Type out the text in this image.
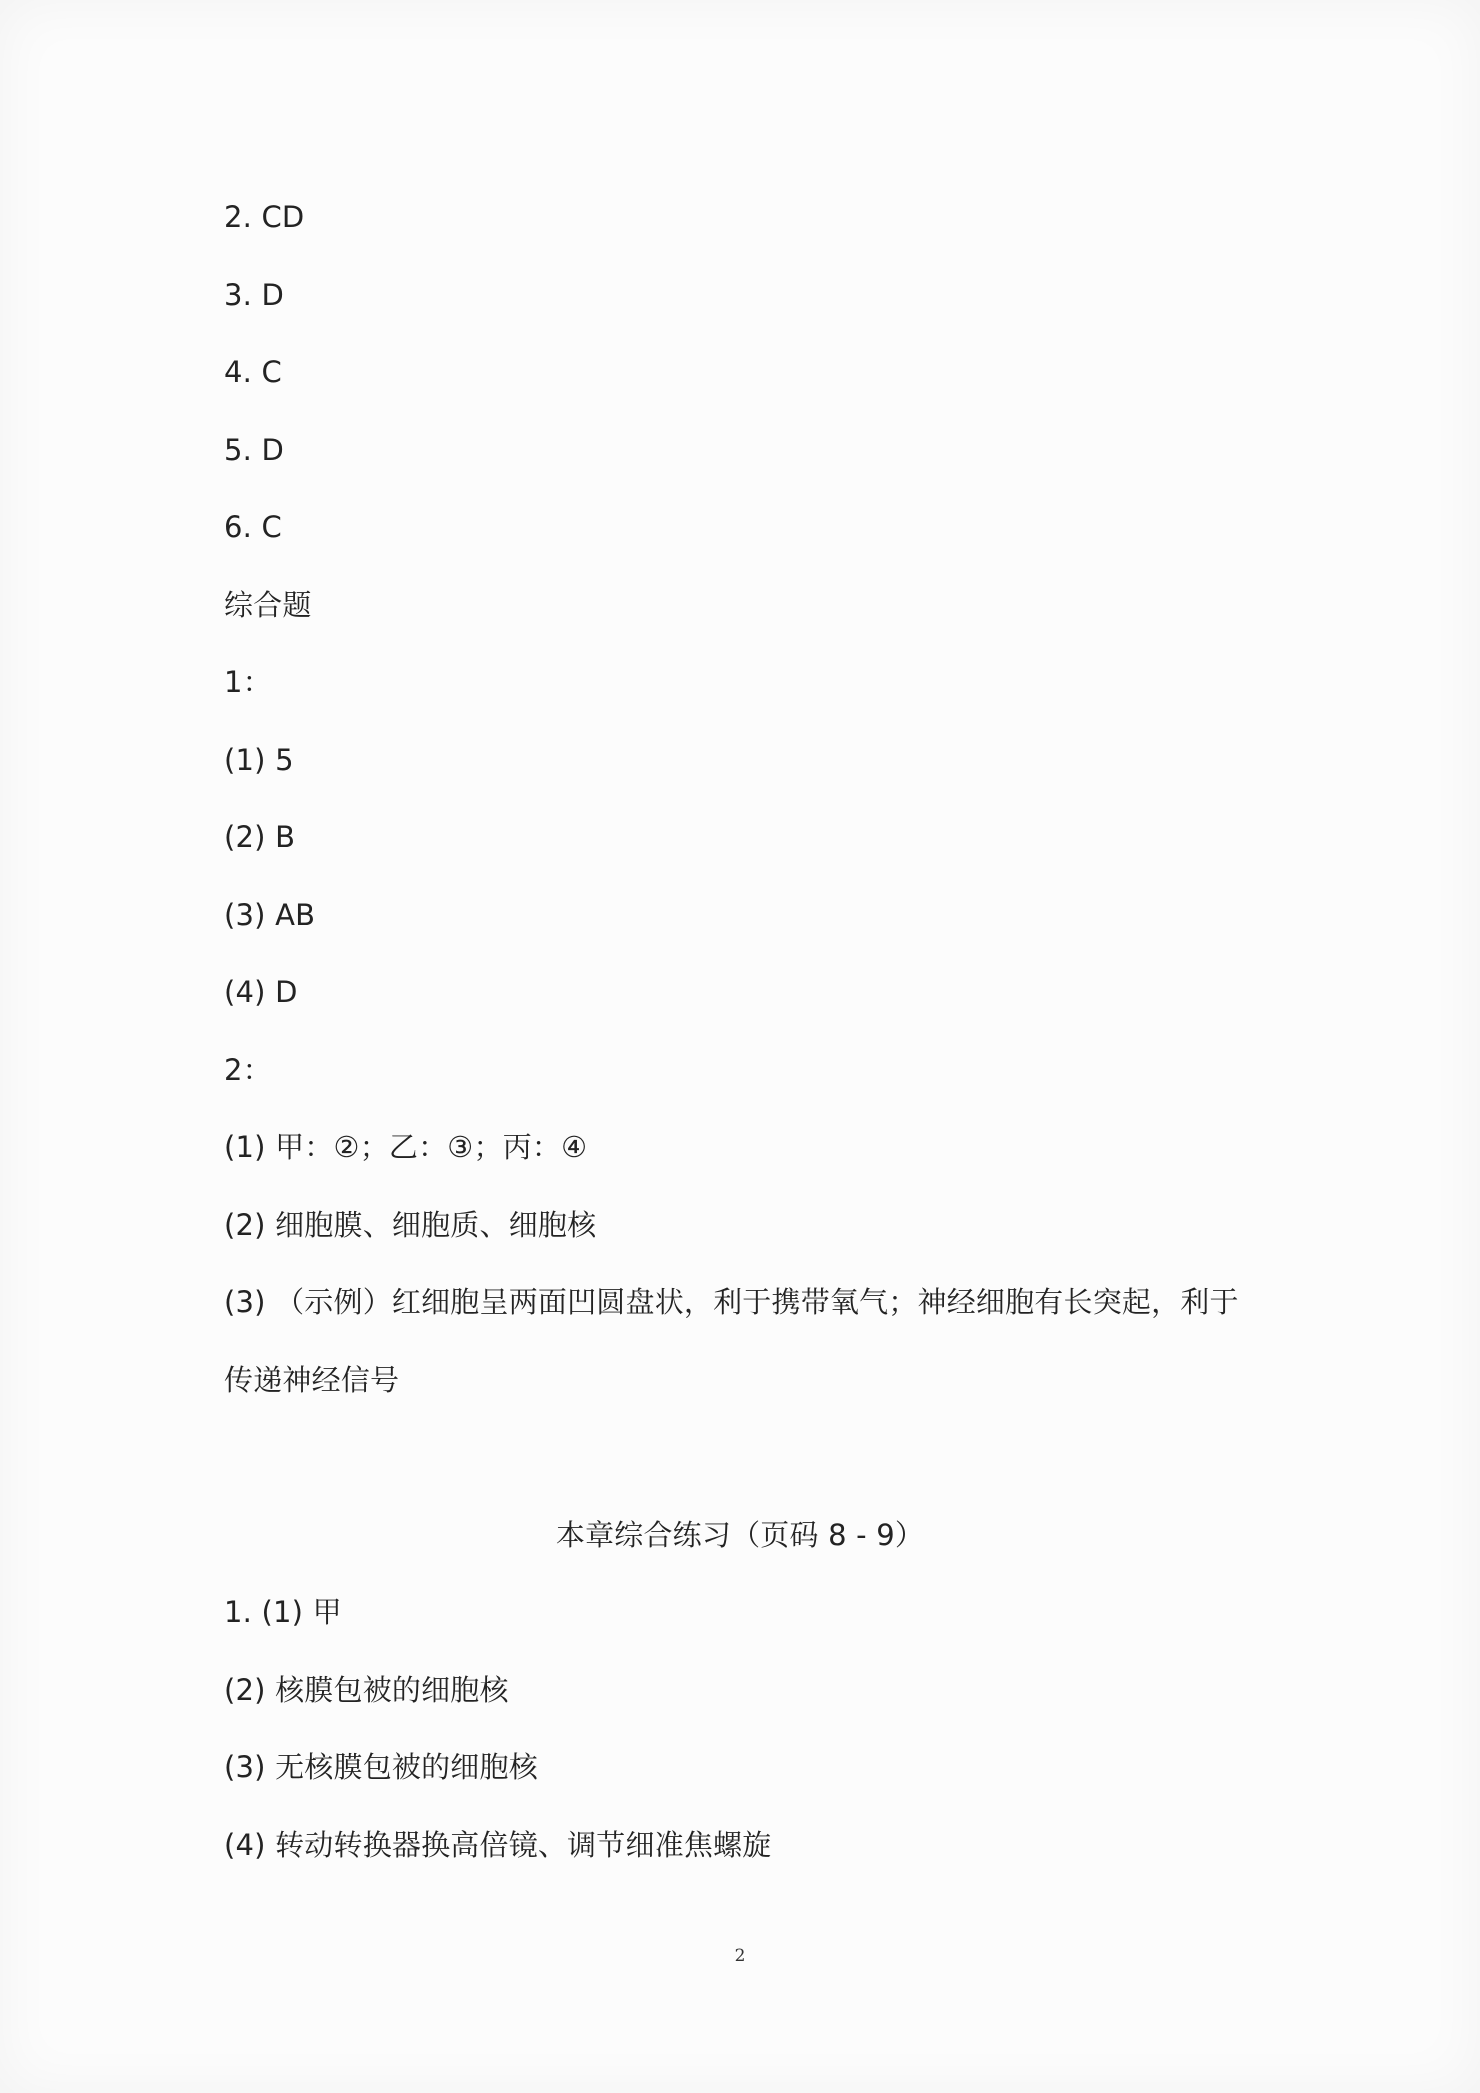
2. CD
3. D
4. C
5. D
6. C
综合题
1：
(1) 5
(2) B
(3) AB
(4) D
2：
(1) 甲：②；乙：③；丙：④
(2) 细胞膜、细胞质、细胞核
(3) （示例）红细胞呈两面凹圆盘状，利于携带氧气；神经细胞有长突起，利于
传递神经信号
本章综合练习（页码 8 - 9）
1. (1) 甲
(2) 核膜包被的细胞核
(3) 无核膜包被的细胞核
(4) 转动转换器换高倍镜、调节细准焦螺旋
2
